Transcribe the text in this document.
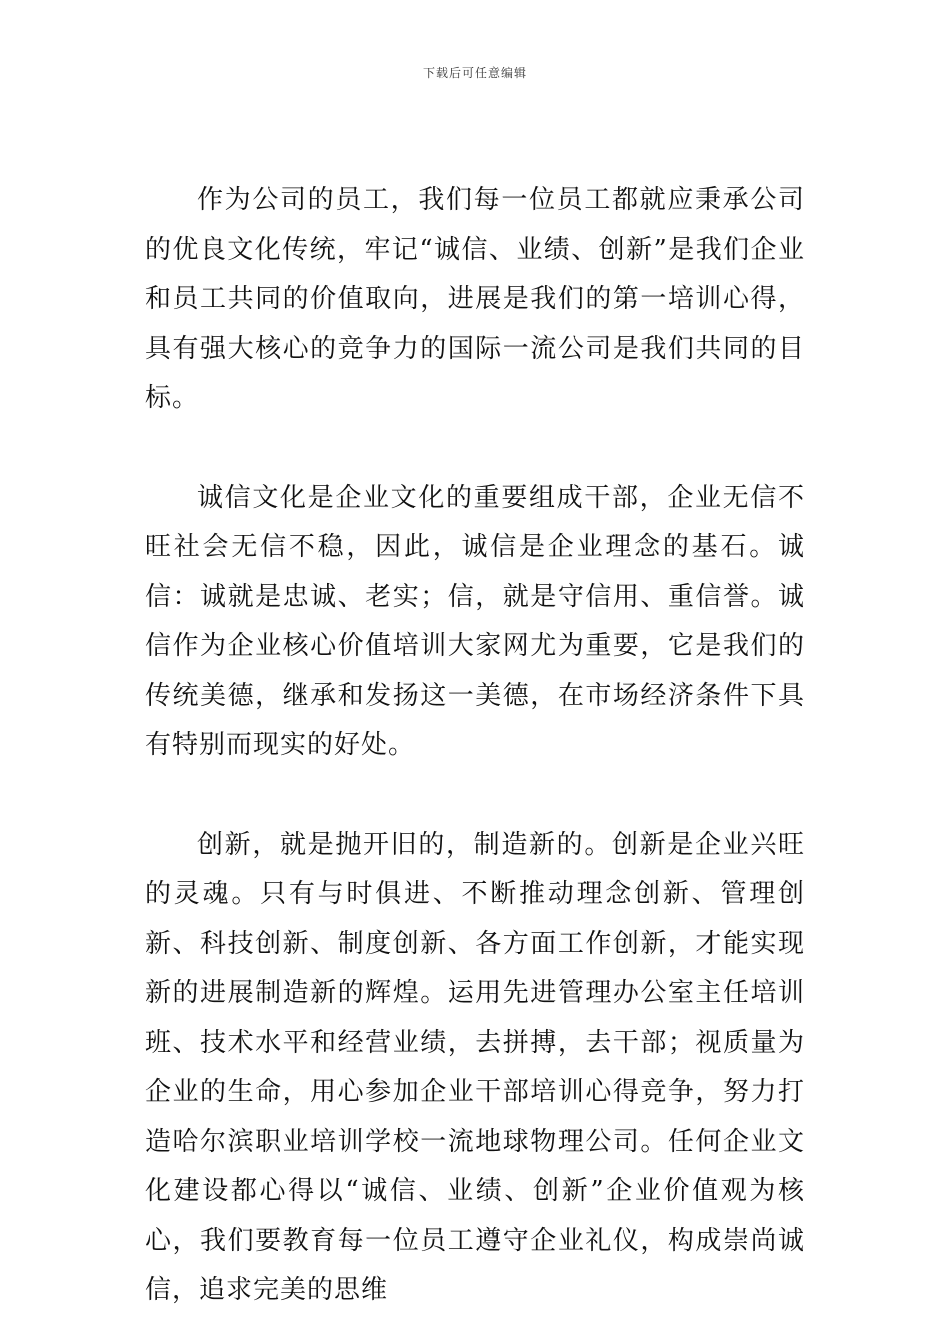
下载后可任意编辑

作为公司的员工，我们每一位员工都就应秉承公司的优良文化传统，牢记“诚信、业绩、创新”是我们企业和员工共同的价值取向，进展是我们的第一培训心得，具有强大核心的竞争力的国际一流公司是我们共同的目标。

诚信文化是企业文化的重要组成干部，企业无信不旺社会无信不稳，因此，诚信是企业理念的基石。诚信：诚就是忠诚、老实；信，就是守信用、重信誉。诚信作为企业核心价值培训大家网尤为重要，它是我们的传统美德，继承和发扬这一美德，在市场经济条件下具有特别而现实的好处。

创新，就是抛开旧的，制造新的。创新是企业兴旺的灵魂。只有与时俱进、不断推动理念创新、管理创新、科技创新、制度创新、各方面工作创新，才能实现新的进展制造新的辉煌。运用先进管理办公室主任培训班、技术水平和经营业绩，去拼搏，去干部；视质量为企业的生命，用心参加企业干部培训心得竞争，努力打造哈尔滨职业培训学校一流地球物理公司。任何企业文化建设都心得以“诚信、业绩、创新”企业价值观为核心，我们要教育每一位员工遵守企业礼仪，构成崇尚诚信，追求完美的思维
